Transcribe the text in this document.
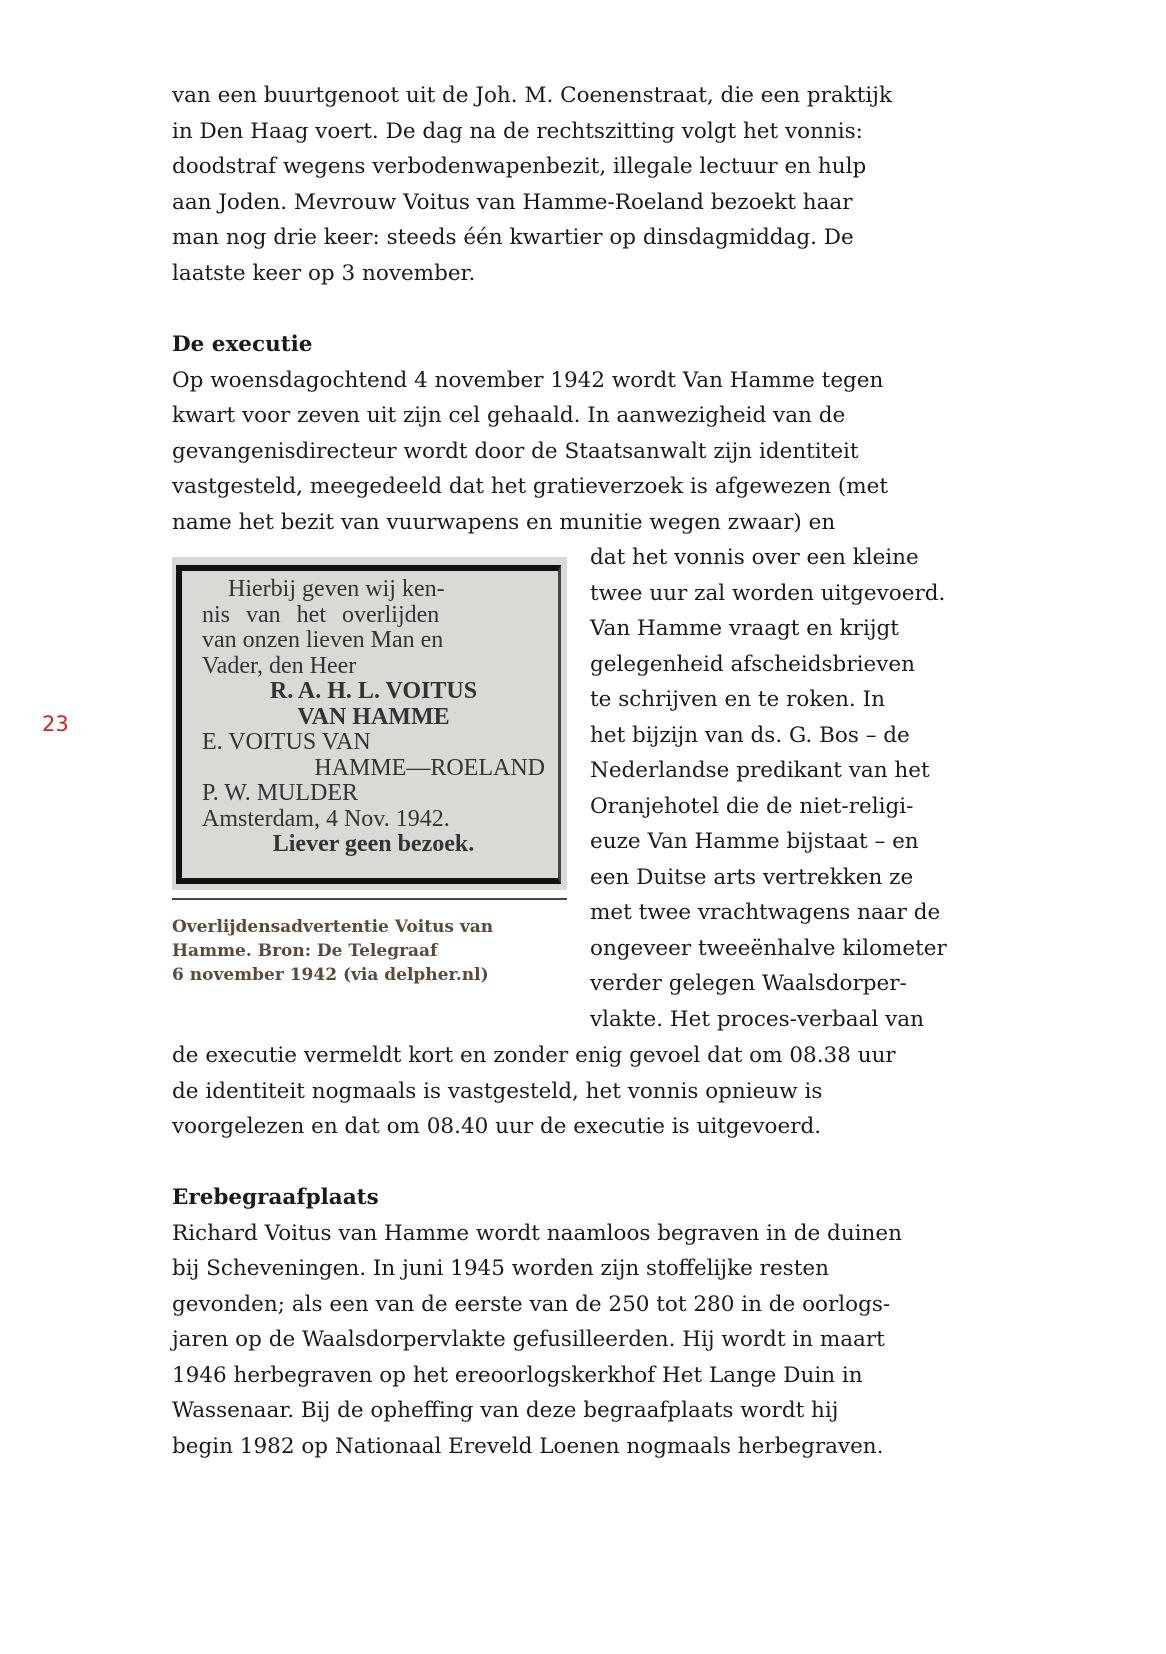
23
van een buurtgenoot uit de Joh. M. Coenenstraat, die een praktijk
in Den Haag voert. De dag na de rechtszitting volgt het vonnis:
doodstraf wegens verbodenwapenbezit, illegale lectuur en hulp
aan Joden. Mevrouw Voitus van Hamme-Roeland bezoekt haar
man nog drie keer: steeds één kwartier op dinsdagmiddag. De
laatste keer op 3 november.
De executie
Op woensdagochtend 4 november 1942 wordt Van Hamme tegen
kwart voor zeven uit zijn cel gehaald. In aanwezigheid van de
gevangenisdirecteur wordt door de Staatsanwalt zijn identiteit
vastgesteld, meegedeeld dat het gratieverzoek is afgewezen (met
name het bezit van vuurwapens en munitie wegen zwaar) en
Hierbij geven wij ken-
nis van het overlijden
van onzen lieven Man en
Vader, den Heer
R. A. H. L. VOITUS
VAN HAMME
E. VOITUS VAN
HAMME—ROELAND
P. W. MULDER
Amsterdam, 4 Nov. 1942.
Liever geen bezoek.
Overlijdensadvertentie Voitus van
Hamme. Bron: De Telegraaf
6 november 1942 (via delpher.nl)
dat het vonnis over een kleine
twee uur zal worden uitgevoerd.
Van Hamme vraagt en krijgt
gelegenheid afscheidsbrieven
te schrijven en te roken. In
het bijzijn van ds. G. Bos – de
Nederlandse predikant van het
Oranjehotel die de niet-religi-
euze Van Hamme bijstaat – en
een Duitse arts vertrekken ze
met twee vrachtwagens naar de
ongeveer tweeënhalve kilometer
verder gelegen Waalsdorper-
vlakte. Het proces-verbaal van
de executie vermeldt kort en zonder enig gevoel dat om 08.38 uur
de identiteit nogmaals is vastgesteld, het vonnis opnieuw is
voorgelezen en dat om 08.40 uur de executie is uitgevoerd.
Erebegraafplaats
Richard Voitus van Hamme wordt naamloos begraven in de duinen
bij Scheveningen. In juni 1945 worden zijn stoffelijke resten
gevonden; als een van de eerste van de 250 tot 280 in de oorlogs-
jaren op de Waalsdorpervlakte gefusilleerden. Hij wordt in maart
1946 herbegraven op het ereoorlogskerkhof Het Lange Duin in
Wassenaar. Bij de opheffing van deze begraafplaats wordt hij
begin 1982 op Nationaal Ereveld Loenen nogmaals herbegraven.
